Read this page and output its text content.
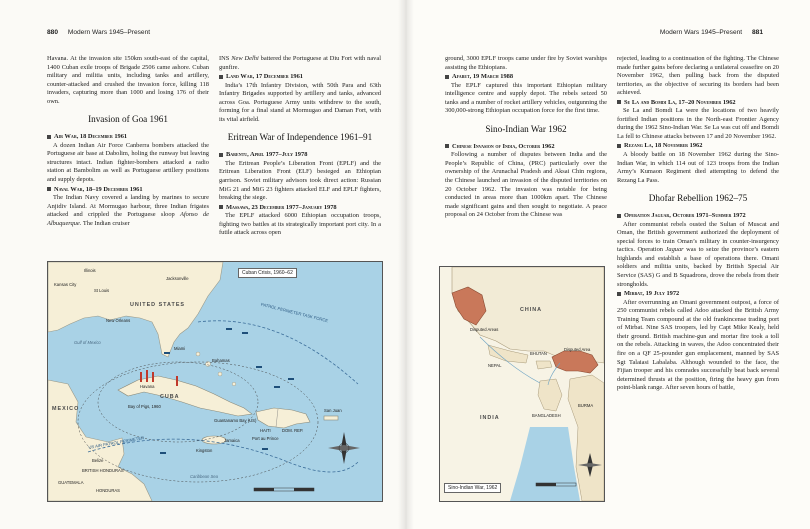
880 Modern Wars 1945–Present

Havana. At the invasion site 150km south-east of the capital, 1400 Cuban exile troops of Brigade 2506 came ashore. Cuban military and militia units, including tanks and artillery, counter-attacked and crushed the invasion force, killing 118 invaders, capturing more than 1000 and losing 176 of their own.

Invasion of Goa 1961
Air War, 18 December 1961

A dozen Indian Air Force Canberra bombers attacked the Portuguese air base at Dabolim, holing the runway but leaving structures intact. Indian fighter-bombers attacked a radio station at Bambolim as well as Portuguese artillery positions and supply depots.

Naval War, 18–19 December 1961

The Indian Navy covered a landing by marines to secure Anjidiv Island. At Mormugao harbour, three Indian frigates attacked and crippled the Portuguese sloop Afonso de Albuquerque. The Indian cruiser

INS New Delhi battered the Portuguese at Diu Fort with naval gunfire.

Land War, 17 December 1961

India’s 17th Infantry Division, with 50th Para and 63th Infantry Brigades supported by artillery and tanks, advanced across Goa. Portuguese Army units withdrew to the south, forming for a final stand at Mormugao and Daman Fort, with its vital airfield.

Eritrean War of Independence 1961–91
Barentu, April 1977–July 1978

The Eritrean People’s Liberation Front (EPLF) and the Eritrean Liberation Front (ELF) besieged an Ethiopian garrison. Soviet military advisors took direct action: Russian MiG 21 and MiG 23 fighters attacked ELF and EPLF fighters, breaking the siege.

Massawa, 23 December 1977–January 1978

The EPLF attacked 6000 Ethiopian occupation troops, fighting two battles at its strategically important port city. In a futile attack across open

Cuban Crisis, 1960–62
Illinois
Kansas City
St Louis
New Orleans
Jacksonville
Miami
UNITED STATES
Gulf of Mexico
MEXICO
CUBA
Havana
Bay of Pigs, 1960
Guantanamo Bay (US)
HAITI	DOM. REP.
Port au Prince
San Juan
Kingston
Jamaica
Belize
BRITISH HONDURAS
HONDURAS
GUATEMALA
Caribbean Sea
PATROL PERIMETER TASK FORCE
US AIR PATROL PERIMETER
Bahamas
Modern Wars 1945–Present 881

ground, 3000 EPLF troops came under fire by Soviet warships assisting the Ethiopians.

Afabet, 19 March 1988

The EPLF captured this important Ethiopian military intelligence centre and supply depot. The rebels seized 50 tanks and a number of rocket artillery vehicles, outgunning the 300,000-strong Ethiopian occupation force for the first time.

Sino-Indian War 1962
Chinese Invasion of India, October 1962

Following a number of disputes between India and the People’s Republic of China, (PRC) particularly over the ownership of the Arunachal Pradesh and Aksai Chin regions, the Chinese launched an invasion of the disputed territories on 20 October 1962. The invasion was notable for being conducted in areas more than 1000km apart. The Chinese made significant gains and then sought to negotiate. A peace proposal on 24 October from the Chinese was

rejected, leading to a continuation of the fighting. The Chinese made further gains before declaring a unilateral ceasefire on 20 November 1962, then pulling back from the disputed territories, as the objective of securing its borders had been achieved.

Se La and Bomdi La, 17–20 November 1962

Se La and Bomdi La were the locations of two heavily fortified Indian positions in the North-east Frontier Agency during the 1962 Sino-Indian War. Se La was cut off and Bomdi La fell to Chinese attacks between 17 and 20 November 1962.

Rezang La, 18 November 1962

A bloody battle on 18 November 1962 during the Sino-Indian War, in which 114 out of 123 troops from the Indian Army’s Kumaon Regiment died attempting to defend the Rezang La Pass.

Dhofar Rebellion 1962–75
Operation Jaguar, October 1971–Summer 1972

After communist rebels ousted the Sultan of Muscat and Oman, the British government authorized the deployment of special forces to train Oman’s military in counter-insurgency tactics. Operation Jaguar was to seize the province’s eastern highlands and establish a base of operations there. Omani soldiers and militia units, backed by British Special Air Service (SAS) G and B Squadrons, drove the rebels from their strongholds.

Mirbat, 19 July 1972

After overrunning an Omani government outpost, a force of 250 communist rebels called Adoo attacked the British Army Training Team compound at the old frankincense trading port of Mirbat. Nine SAS troopers, led by Capt Mike Kealy, held their ground. British machine-gun and mortar fire took a toll on the rebels. Attacking in waves, the Adoo concentrated their fire on a QF 25-pounder gun emplacement, manned by SAS Sgt Talaiasi Labalaba. Although wounded to the face, the Fijian trooper and his comrades successfully beat back several determined thrusts at the position, firing the heavy gun from point-blank range. After seven hours of battle,

CHINA
INDIA
NEPAL
BHUTAN
BANGLADESH
BURMA
Disputed Areas
Disputed Area
Sino-Indian War, 1962
